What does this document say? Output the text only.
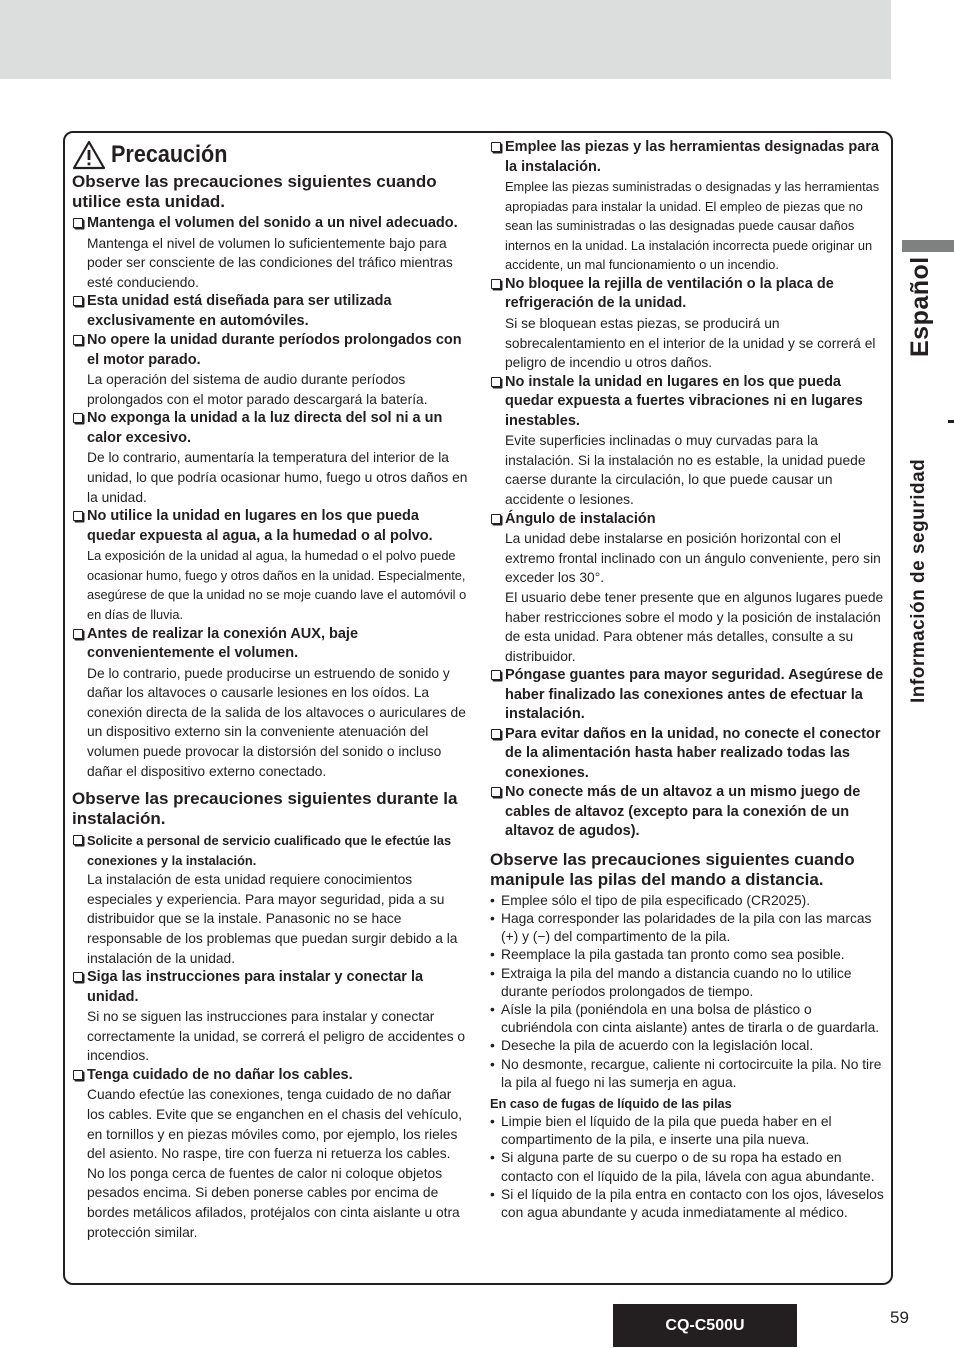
Español
Información de seguridad
Precaución
Observe las precauciones siguientes cuando utilice esta unidad.
Mantenga el volumen del sonido a un nivel adecuado.
Mantenga el nivel de volumen lo suficientemente bajo para poder ser consciente de las condiciones del tráfico mientras esté conduciendo.
Esta unidad está diseñada para ser utilizada exclusivamente en automóviles.
No opere la unidad durante períodos prolongados con el motor parado.
La operación del sistema de audio durante períodos prolongados con el motor parado descargará la batería.
No exponga la unidad a la luz directa del sol ni a un calor excesivo.
De lo contrario, aumentaría la temperatura del interior de la unidad, lo que podría ocasionar humo, fuego u otros daños en la unidad.
No utilice la unidad en lugares en los que pueda quedar expuesta al agua, a la humedad o al polvo.
La exposición de la unidad al agua, la humedad o el polvo puede ocasionar humo, fuego y otros daños en la unidad. Especialmente, asegúrese de que la unidad no se moje cuando lave el automóvil o en días de lluvia.
Antes de realizar la conexión AUX, baje convenientemente el volumen.
De lo contrario, puede producirse un estruendo de sonido y dañar los altavoces o causarle lesiones en los oídos. La conexión directa de la salida de los altavoces o auriculares de un dispositivo externo sin la conveniente atenuación del volumen puede provocar la distorsión del sonido o incluso dañar el dispositivo externo conectado.
Observe las precauciones siguientes durante la instalación.
Solicite a personal de servicio cualificado que le efectúe las conexiones y la instalación.
La instalación de esta unidad requiere conocimientos especiales y experiencia. Para mayor seguridad, pida a su distribuidor que se la instale. Panasonic no se hace responsable de los problemas que puedan surgir debido a la instalación de la unidad.
Siga las instrucciones para instalar y conectar la unidad.
Si no se siguen las instrucciones para instalar y conectar correctamente la unidad, se correrá el peligro de accidentes o incendios.
Tenga cuidado de no dañar los cables.
Cuando efectúe las conexiones, tenga cuidado de no dañar los cables. Evite que se enganchen en el chasis del vehículo, en tornillos y en piezas móviles como, por ejemplo, los rieles del asiento. No raspe, tire con fuerza ni retuerza los cables. No los ponga cerca de fuentes de calor ni coloque objetos pesados encima. Si deben ponerse cables por encima de bordes metálicos afilados, protéjalos con cinta aislante u otra protección similar.
Emplee las piezas y las herramientas designadas para la instalación.
Emplee las piezas suministradas o designadas y las herramientas apropiadas para instalar la unidad. El empleo de piezas que no sean las suministradas o las designadas puede causar daños internos en la unidad. La instalación incorrecta puede originar un accidente, un mal funcionamiento o un incendio.
No bloquee la rejilla de ventilación o la placa de refrigeración de la unidad.
Si se bloquean estas piezas, se producirá un sobrecalentamiento en el interior de la unidad y se correrá el peligro de incendio u otros daños.
No instale la unidad en lugares en los que pueda quedar expuesta a fuertes vibraciones ni en lugares inestables.
Evite superficies inclinadas o muy curvadas para la instalación. Si la instalación no es estable, la unidad puede caerse durante la circulación, lo que puede causar un accidente o lesiones.
Ángulo de instalación
La unidad debe instalarse en posición horizontal con el extremo frontal inclinado con un ángulo conveniente, pero sin exceder los 30°.
El usuario debe tener presente que en algunos lugares puede haber restricciones sobre el modo y la posición de instalación de esta unidad. Para obtener más detalles, consulte a su distribuidor.
Póngase guantes para mayor seguridad. Asegúrese de haber finalizado las conexiones antes de efectuar la instalación.
Para evitar daños en la unidad, no conecte el conector de la alimentación hasta haber realizado todas las conexiones.
No conecte más de un altavoz a un mismo juego de cables de altavoz (excepto para la conexión de un altavoz de agudos).
Observe las precauciones siguientes cuando manipule las pilas del mando a distancia.
• Emplee sólo el tipo de pila especificado (CR2025).
• Haga corresponder las polaridades de la pila con las marcas (+) y (−) del compartimento de la pila.
• Reemplace la pila gastada tan pronto como sea posible.
• Extraiga la pila del mando a distancia cuando no lo utilice durante períodos prolongados de tiempo.
• Aísle la pila (poniéndola en una bolsa de plástico o cubriéndola con cinta aislante) antes de tirarla o de guardarla.
• Deseche la pila de acuerdo con la legislación local.
• No desmonte, recargue, caliente ni cortocircuite la pila. No tire la pila al fuego ni las sumerja en agua.
En caso de fugas de líquido de las pilas
• Limpie bien el líquido de la pila que pueda haber en el compartimento de la pila, e inserte una pila nueva.
• Si alguna parte de su cuerpo o de su ropa ha estado en contacto con el líquido de la pila, lávela con agua abundante.
• Si el líquido de la pila entra en contacto con los ojos, láveselos con agua abundante y acuda inmediatamente al médico.
CQ-C500U	59
